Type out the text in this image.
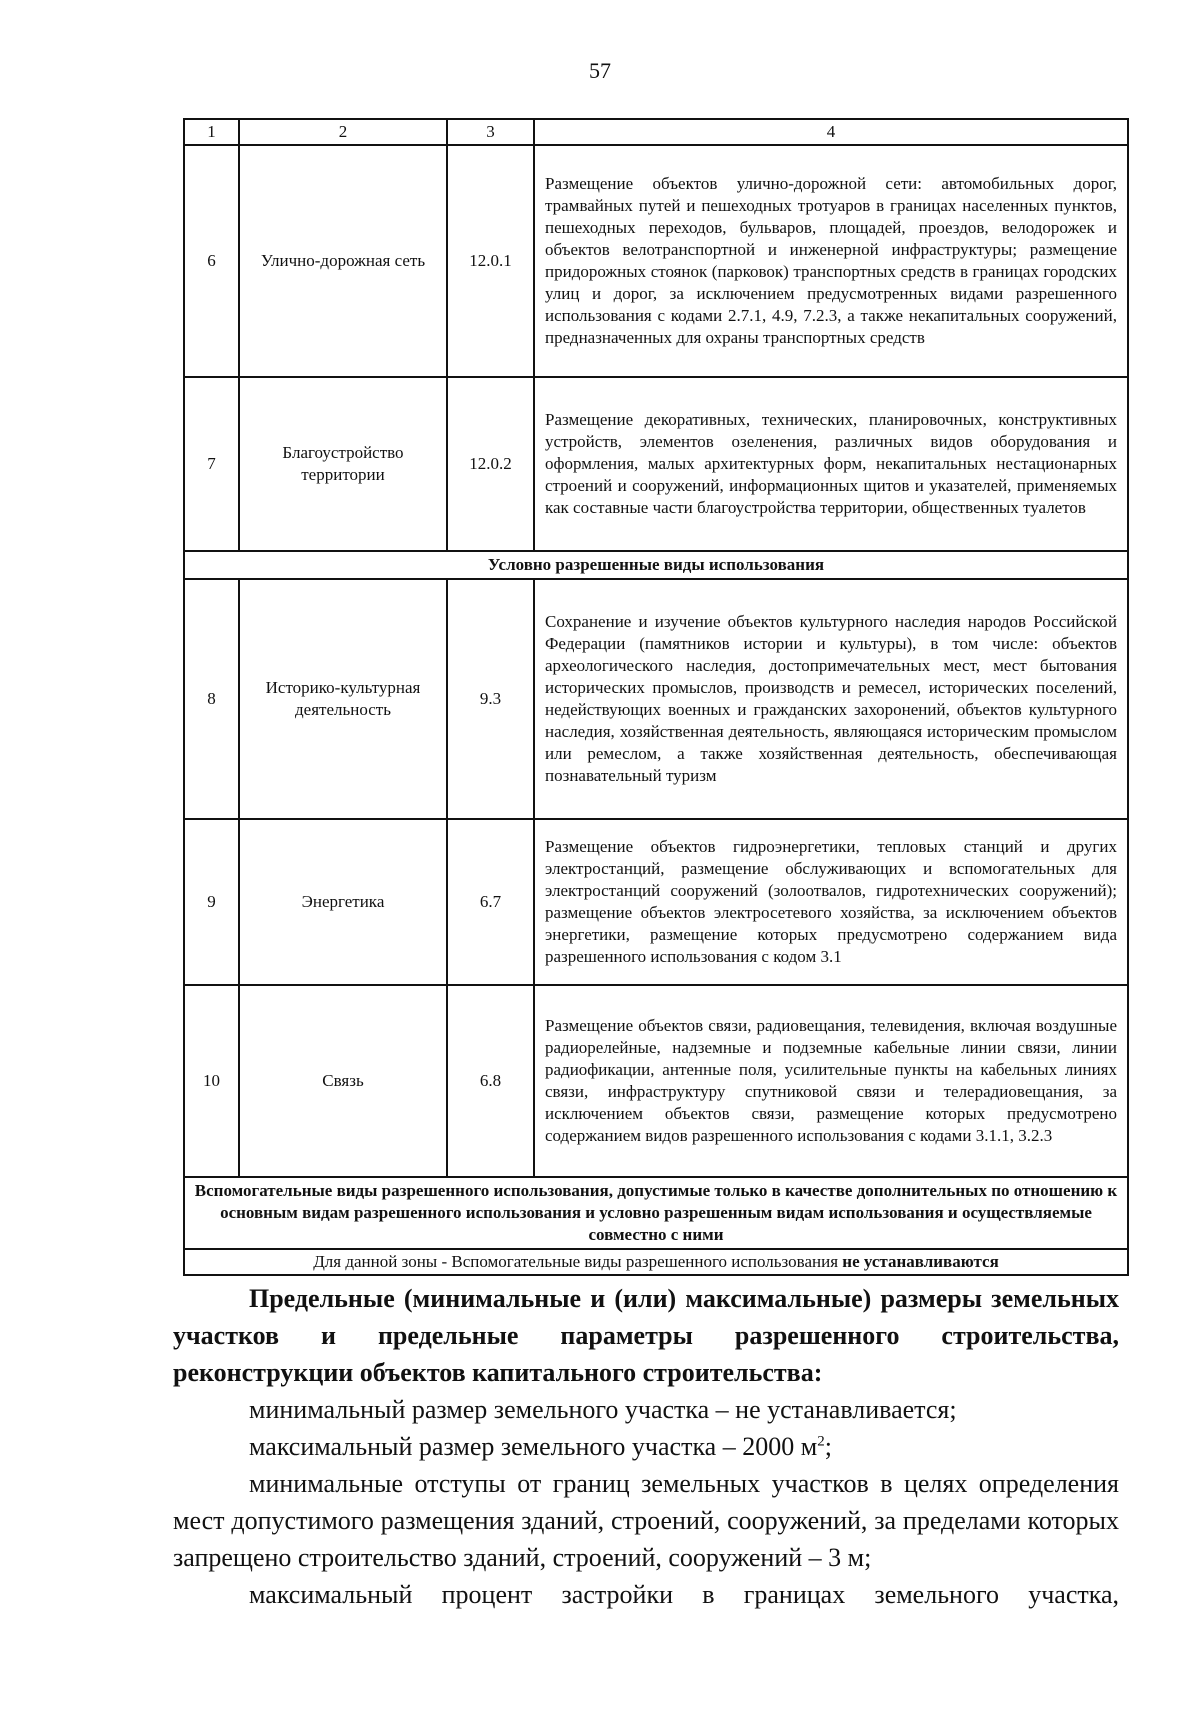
57
1	2	3	4
6	Улично-дорожная сеть	12.0.1	Размещение объектов улично-дорожной сети: автомобильных дорог, трамвайных путей и пешеходных тротуаров в границах населенных пунктов, пешеходных переходов, бульваров, площадей, проездов, велодорожек и объектов велотранспортной и инженерной инфраструктуры; размещение придорожных стоянок (парковок) транспортных средств в границах городских улиц и дорог, за исключением предусмотренных видами разрешенного использования с кодами 2.7.1, 4.9, 7.2.3, а также некапитальных сооружений, предназначенных для охраны транспортных средств
7	Благоустройство территории	12.0.2	Размещение декоративных, технических, планировочных, конструктивных устройств, элементов озеленения, различных видов оборудования и оформления, малых архитектурных форм, некапитальных нестационарных строений и сооружений, информационных щитов и указателей, применяемых как составные части благоустройства территории, общественных туалетов
Условно разрешенные виды использования			
8	Историко-культурная деятельность	9.3	Сохранение и изучение объектов культурного наследия народов Российской Федерации (памятников истории и культуры), в том числе: объектов археологического наследия, достопримечательных мест, мест бытования исторических промыслов, производств и ремесел, исторических поселений, недействующих военных и гражданских захоронений, объектов культурного наследия, хозяйственная деятельность, являющаяся историческим промыслом или ремеслом, а также хозяйственная деятельность, обеспечивающая познавательный туризм
9	Энергетика	6.7	Размещение объектов гидроэнергетики, тепловых станций и других электростанций, размещение обслуживающих и вспомогательных для электростанций сооружений (золоотвалов, гидротехнических сооружений); размещение объектов электросетевого хозяйства, за исключением объектов энергетики, размещение которых предусмотрено содержанием вида разрешенного использования с кодом 3.1
10	Связь	6.8	Размещение объектов связи, радиовещания, телевидения, включая воздушные радиорелейные, надземные и подземные кабельные линии связи, линии радиофикации, антенные поля, усилительные пункты на кабельных линиях связи, инфраструктуру спутниковой связи и телерадиовещания, за исключением объектов связи, размещение которых предусмотрено содержанием видов разрешенного использования с кодами 3.1.1, 3.2.3
Вспомогательные виды разрешенного использования, допустимые только в качестве дополнительных по отношению к основным видам разрешенного использования и условно разрешенным видам использования и осуществляемые совместно с ними			
Для данной зоны - Вспомогательные виды разрешенного использования не устанавливаются			

Предельные (минимальные и (или) максимальные) размеры земельных участков и предельные параметры разрешенного строительства, реконструкции объектов капитального строительства:

минимальный размер земельного участка – не устанавливается;

максимальный размер земельного участка – 2000 $м^2$;

минимальные отступы от границ земельных участков в целях определения мест допустимого размещения зданий, строений, сооружений, за пределами которых запрещено строительство зданий, строений, сооружений – 3 м;

максимальный процент застройки в границах земельного участка,
